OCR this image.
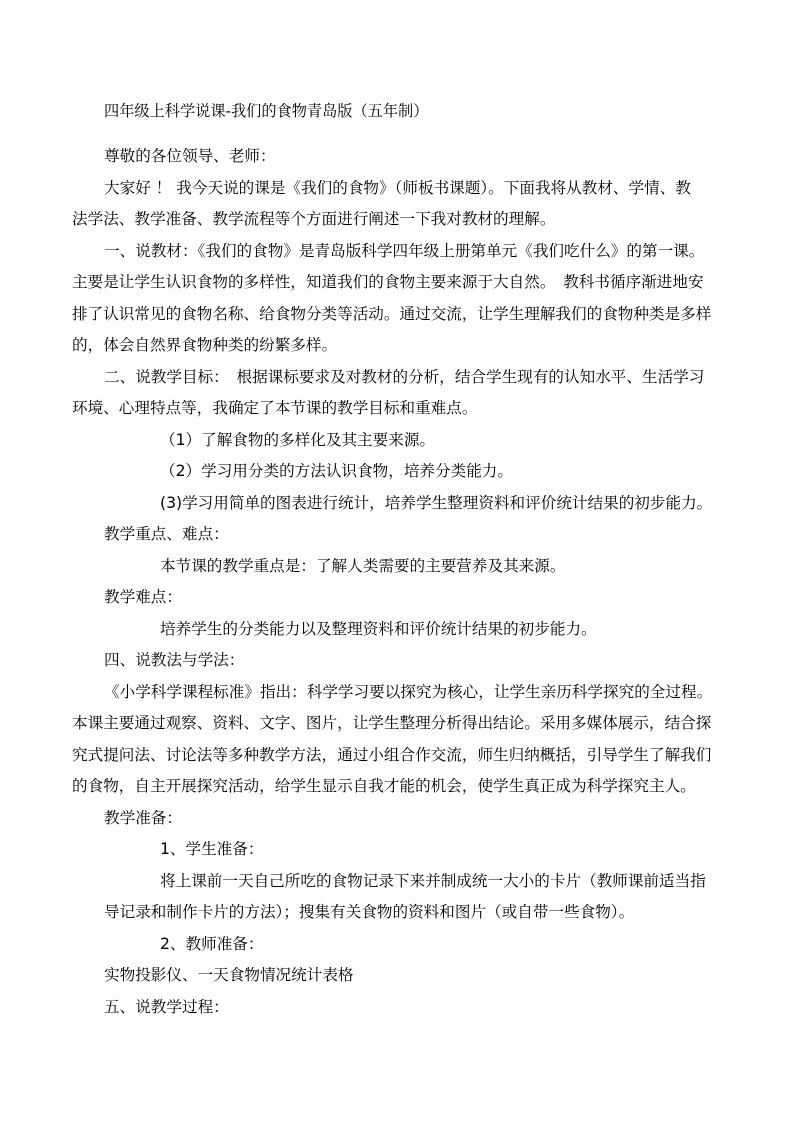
四年级上科学说课-我们的食物青岛版（五年制）
尊敬的各位领导、老师：
大家好 ！ 我今天说的课是《我们的食物》（师板书课题）。下面我将从教材、学情、教
法学法、教学准备、教学流程等个方面进行阐述一下我对教材的理解。
一、说教材：《我们的食物》是青岛版科学四年级上册第单元《我们吃什么》的第一课。
主要是让学生认识食物的多样性，知道我们的食物主要来源于大自然。　教科书循序渐进地安
排了认识常见的食物名称、给食物分类等活动。通过交流，让学生理解我们的食物种类是多样
的，体会自然界食物种类的纷繁多样。
二、说教学目标：　根据课标要求及对教材的分析，结合学生现有的认知水平、生活学习
环境、心理特点等，我确定了本节课的教学目标和重难点。
（1）了解食物的多样化及其主要来源。
（2）学习用分类的方法认识食物，培养分类能力。
(3)学习用简单的图表进行统计，培养学生整理资料和评价统计结果的初步能力。
教学重点、难点：
本节课的教学重点是：了解人类需要的主要营养及其来源。
教学难点：
培养学生的分类能力以及整理资料和评价统计结果的初步能力。
四、说教法与学法：
《小学科学课程标准》指出：科学学习要以探究为核心，让学生亲历科学探究的全过程。
本课主要通过观察、资料、文字、图片，让学生整理分析得出结论。采用多媒体展示，结合探
究式提问法、讨论法等多种教学方法，通过小组合作交流，师生归纳概括，引导学生了解我们
的食物，自主开展探究活动，给学生显示自我才能的机会，使学生真正成为科学探究主人。
教学准备：
1、学生准备：
将上课前一天自己所吃的食物记录下来并制成统一大小的卡片（教师课前适当指
导记录和制作卡片的方法）；搜集有关食物的资料和图片（或自带一些食物）。
2、教师准备：
实物投影仪、一天食物情况统计表格
五、说教学过程：
